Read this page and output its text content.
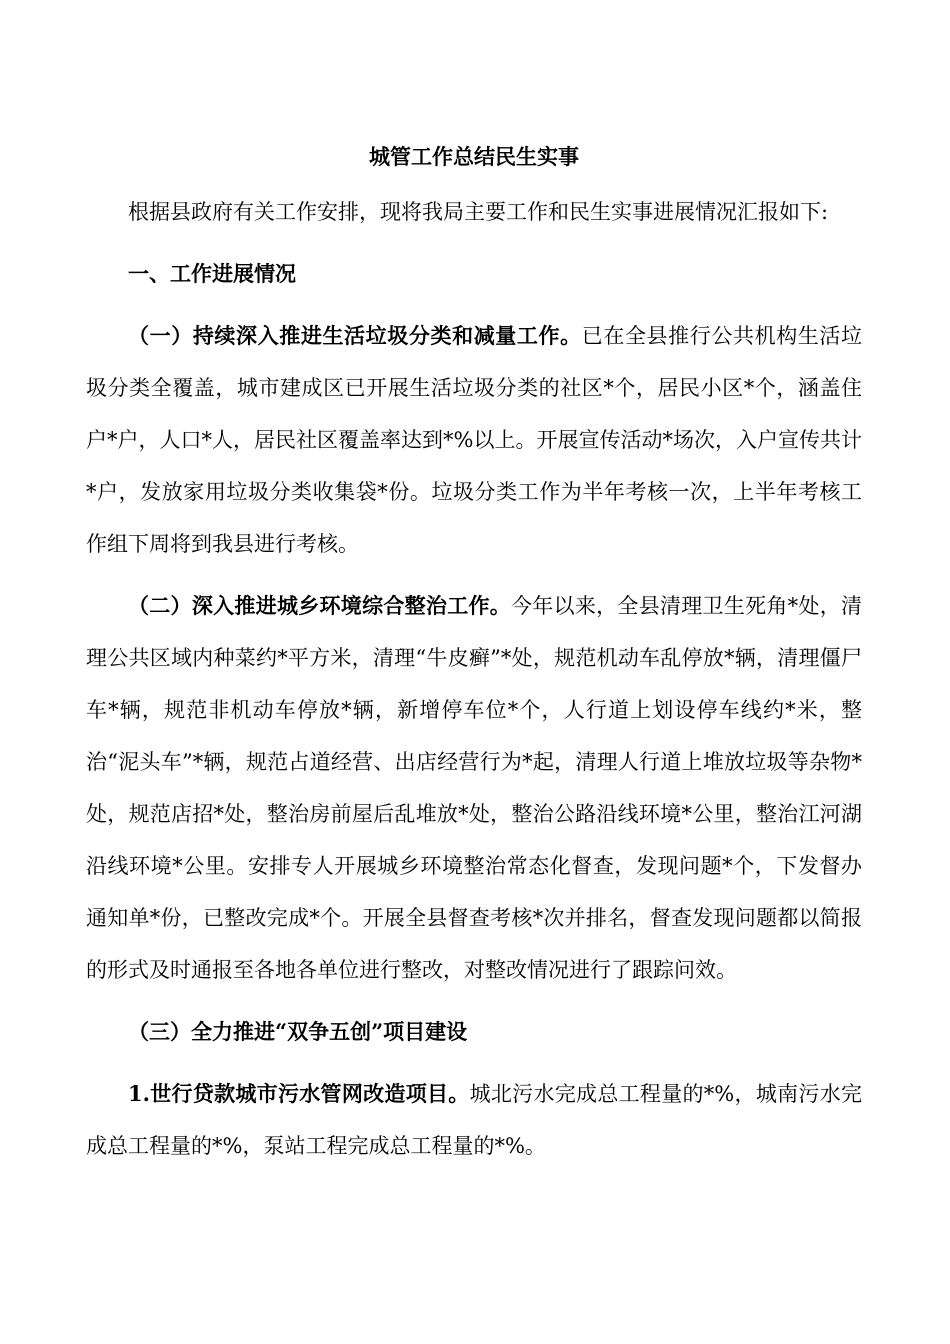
城管工作总结民生实事

根据县政府有关工作安排，现将我局主要工作和民生实事进展情况汇报如下:

一、工作进展情况

（一）持续深入推进生活垃圾分类和减量工作。已在全县推行公共机构生活垃圾分类全覆盖，城市建成区已开展生活垃圾分类的社区*个，居民小区*个，涵盖住户*户，人口*人，居民社区覆盖率达到*%以上。开展宣传活动*场次，入户宣传共计*户，发放家用垃圾分类收集袋*份。垃圾分类工作为半年考核一次，上半年考核工作组下周将到我县进行考核。

（二）深入推进城乡环境综合整治工作。今年以来，全县清理卫生死角*处，清理公共区域内种菜约*平方米，清理“牛皮癣”*处，规范机动车乱停放*辆，清理僵尸车*辆，规范非机动车停放*辆，新增停车位*个，人行道上划设停车线约*米，整治“泥头车”*辆，规范占道经营、出店经营行为*起，清理人行道上堆放垃圾等杂物*处，规范店招*处，整治房前屋后乱堆放*处，整治公路沿线环境*公里，整治江河湖沿线环境*公里。安排专人开展城乡环境整治常态化督查，发现问题*个，下发督办通知单*份，已整改完成*个。开展全县督查考核*次并排名，督查发现问题都以简报的形式及时通报至各地各单位进行整改，对整改情况进行了跟踪问效。

（三）全力推进“双争五创”项目建设

1.世行贷款城市污水管网改造项目。城北污水完成总工程量的*%，城南污水完成总工程量的*%，泵站工程完成总工程量的*%。
